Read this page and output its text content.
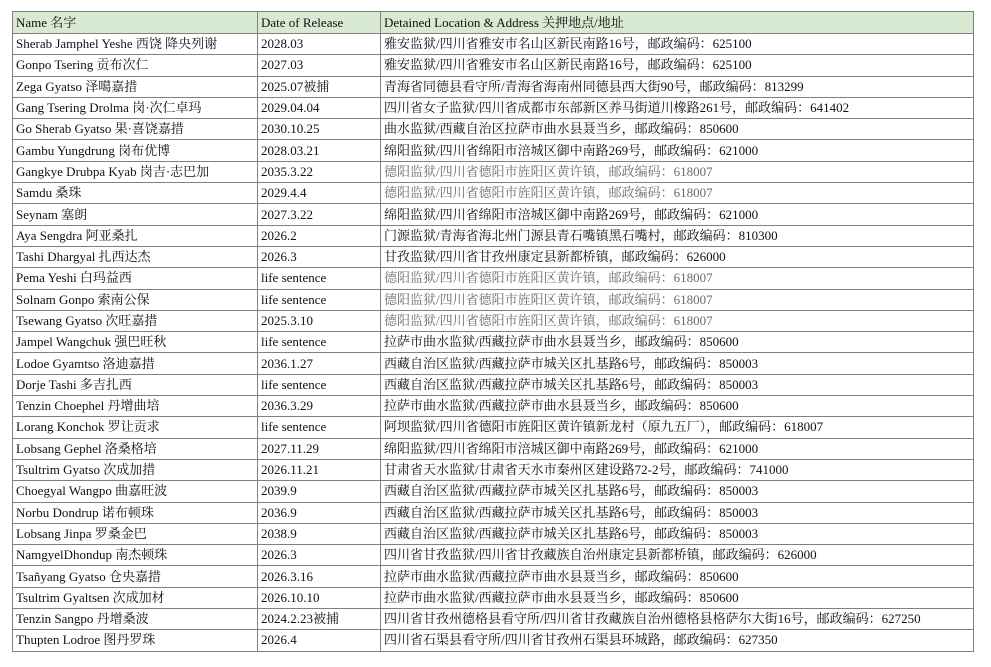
Name 名字	Date of Release	Detained Location & Address 关押地点/地址
Sherab Jamphel Yeshe 西饶 降央列谢	2028.03	雅安监狱/四川省雅安市名山区新民南路16号，邮政编码：625100
Gonpo Tsering 贡布次仁	2027.03	雅安监狱/四川省雅安市名山区新民南路16号，邮政编码：625100
Zega Gyatso 泽噶嘉措	2025.07被捕	青海省同德县看守所/青海省海南州同德县西大街90号，邮政编码：813299
Gang Tsering Drolma 岗·次仁卓玛	2029.04.04	四川省女子监狱/四川省成都市东部新区养马街道川橡路261号，邮政编码：641402
Go Sherab Gyatso 果·喜饶嘉措	2030.10.25	曲水监狱/西藏自治区拉萨市曲水县聂当乡，邮政编码：850600
Gambu Yungdrung 岗布优博	2028.03.21	绵阳监狱/四川省绵阳市涪城区御中南路269号，邮政编码：621000
Gangkye Drubpa Kyab 岗吉·志巴加	2035.3.22	德阳监狱/四川省德阳市旌阳区黄许镇，邮政编码：618007
Samdu 桑珠	2029.4.4	德阳监狱/四川省德阳市旌阳区黄许镇，邮政编码：618007
Seynam 塞朗	2027.3.22	绵阳监狱/四川省绵阳市涪城区御中南路269号，邮政编码：621000
Aya Sengdra 阿亚桑扎	2026.2	门源监狱/青海省海北州门源县青石嘴镇黑石嘴村，邮政编码：810300
Tashi Dhargyal 扎西达杰	2026.3	甘孜监狱/四川省甘孜州康定县新都桥镇，邮政编码：626000
Pema Yeshi 白玛益西	life sentence	德阳监狱/四川省德阳市旌阳区黄许镇，邮政编码：618007
Solnam Gonpo 索南公保	life sentence	德阳监狱/四川省德阳市旌阳区黄许镇，邮政编码：618007
Tsewang Gyatso 次旺嘉措	2025.3.10	德阳监狱/四川省德阳市旌阳区黄许镇，邮政编码：618007
Jampel Wangchuk 强巴旺秋	life sentence	拉萨市曲水监狱/西藏拉萨市曲水县聂当乡，邮政编码：850600
Lodoe Gyamtso 洛迪嘉措	2036.1.27	西藏自治区监狱/西藏拉萨市城关区扎基路6号，邮政编码：850003
Dorje Tashi 多吉扎西	life sentence	西藏自治区监狱/西藏拉萨市城关区扎基路6号，邮政编码：850003
Tenzin Choephel 丹增曲培	2036.3.29	拉萨市曲水监狱/西藏拉萨市曲水县聂当乡，邮政编码：850600
Lorang Konchok 罗让贡求	life sentence	阿坝监狱/四川省德阳市旌阳区黄许镇新龙村（原九五厂），邮政编码：618007
Lobsang Gephel 洛桑格培	2027.11.29	绵阳监狱/四川省绵阳市涪城区御中南路269号，邮政编码：621000
Tsultrim Gyatso 次成加措	2026.11.21	甘肃省天水监狱/甘肃省天水市秦州区建设路72-2号，邮政编码：741000
Choegyal Wangpo 曲嘉旺波	2039.9	西藏自治区监狱/西藏拉萨市城关区扎基路6号，邮政编码：850003
Norbu Dondrup 诺布顿珠	2036.9	西藏自治区监狱/西藏拉萨市城关区扎基路6号，邮政编码：850003
Lobsang Jinpa 罗桑金巴	2038.9	西藏自治区监狱/西藏拉萨市城关区扎基路6号，邮政编码：850003
NamgyelDhondup 南杰顿珠	2026.3	四川省甘孜监狱/四川省甘孜藏族自治州康定县新都桥镇，邮政编码：626000
Tsañyang Gyatso 仓央嘉措	2026.3.16	拉萨市曲水监狱/西藏拉萨市曲水县聂当乡，邮政编码：850600
Tsultrim Gyaltsen 次成加材	2026.10.10	拉萨市曲水监狱/西藏拉萨市曲水县聂当乡，邮政编码：850600
Tenzin Sangpo 丹增桑波	2024.2.23被捕	四川省甘孜州德格县看守所/四川省甘孜藏族自治州德格县格萨尔大街16号，邮政编码：627250
Thupten Lodroe 图丹罗珠	2026.4	四川省石渠县看守所/四川省甘孜州石渠县环城路，邮政编码：627350
